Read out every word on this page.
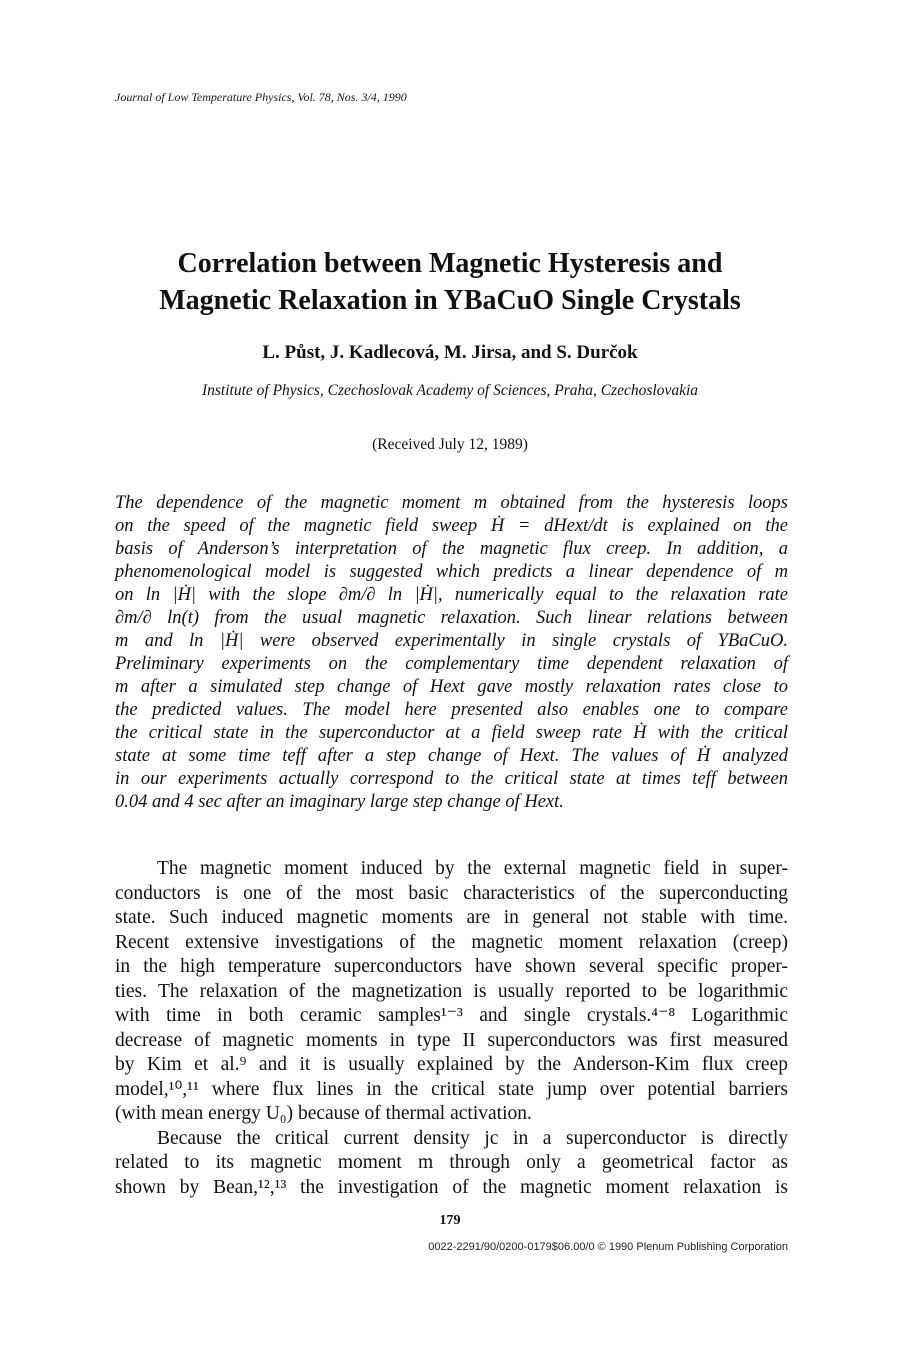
Journal of Low Temperature Physics, Vol. 78, Nos. 3/4, 1990
Correlation between Magnetic Hysteresis and
Magnetic Relaxation in YBaCuO Single Crystals
L. Půst, J. Kadlecová, M. Jirsa, and S. Durčok
Institute of Physics, Czechoslovak Academy of Sciences, Praha, Czechoslovakia
(Received July 12, 1989)

The dependence of the magnetic moment m obtained from the hysteresis loops
on the speed of the magnetic field sweep Ḣ = dHext/dt is explained on the
basis of Anderson’s interpretation of the magnetic flux creep. In addition, a
phenomenological model is suggested which predicts a linear dependence of m
on ln |Ḣ| with the slope ∂m/∂ ln |Ḣ|, numerically equal to the relaxation rate
∂m/∂ ln(t) from the usual magnetic relaxation. Such linear relations between
m and ln |Ḣ| were observed experimentally in single crystals of YBaCuO.
Preliminary experiments on the complementary time dependent relaxation of
m after a simulated step change of Hext gave mostly relaxation rates close to
the predicted values. The model here presented also enables one to compare
the critical state in the superconductor at a field sweep rate Ḣ with the critical
state at some time teff after a step change of Hext. The values of Ḣ analyzed
in our experiments actually correspond to the critical state at times teff between
0.04 and 4 sec after an imaginary large step change of Hext.

The magnetic moment induced by the external magnetic field in super-
conductors is one of the most basic characteristics of the superconducting
state. Such induced magnetic moments are in general not stable with time.
Recent extensive investigations of the magnetic moment relaxation (creep)
in the high temperature superconductors have shown several specific proper-
ties. The relaxation of the magnetization is usually reported to be logarithmic
with time in both ceramic samples¹⁻³ and single crystals.⁴⁻⁸ Logarithmic
decrease of magnetic moments in type II superconductors was first measured
by Kim et al.⁹ and it is usually explained by the Anderson-Kim flux creep
model,¹⁰,¹¹ where flux lines in the critical state jump over potential barriers
(with mean energy U₀) because of thermal activation.
Because the critical current density jc in a superconductor is directly
related to its magnetic moment m through only a geometrical factor as
shown by Bean,¹²,¹³ the investigation of the magnetic moment relaxation is

179
0022-2291/90/0200-0179$06.00/0 © 1990 Plenum Publishing Corporation
